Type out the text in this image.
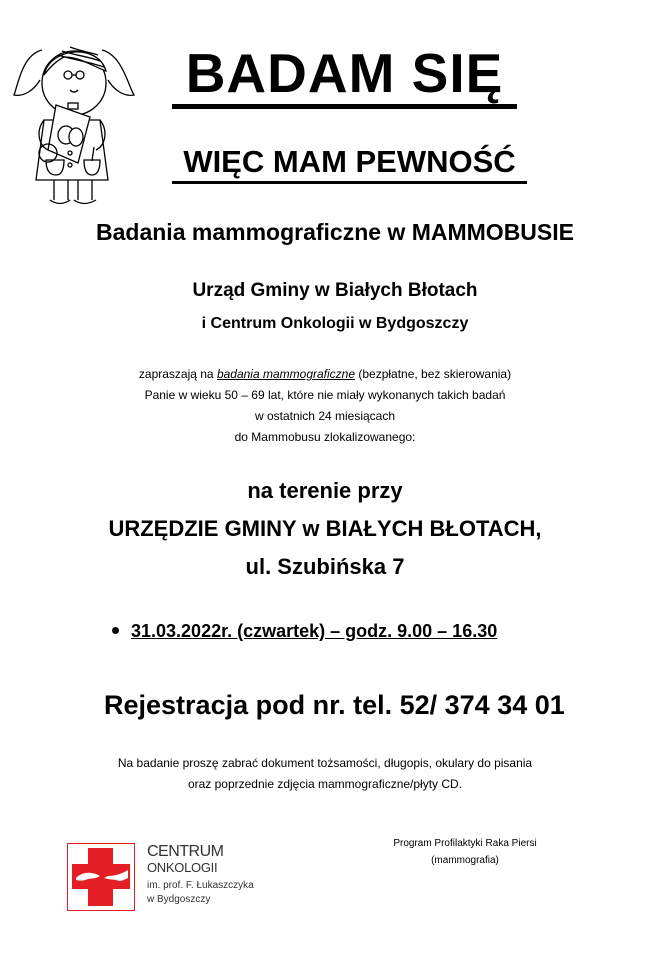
BADAM SIĘ
WIĘC MAM PEWNOŚĆ
Badania mammograficzne w MAMMOBUSIE
Urząd Gminy w Białych Błotach
i Centrum Onkologii w Bydgoszczy
zapraszają na badania mammograficzne (bezpłatne, bez skierowania)
Panie w wieku 50 – 69 lat, które nie miały wykonanych takich badań
w ostatnich 24 miesiącach
do Mammobusu zlokalizowanego:
na terenie przy
URZĘDZIE GMINY w BIAŁYCH BŁOTACH,
ul. Szubińska 7
31.03.2022r. (czwartek) – godz. 9.00 – 16.30
Rejestracja pod nr. tel. 52/ 374 34 01
Na badanie proszę zabrać dokument tożsamości, długopis, okulary do pisania
oraz poprzednie zdjęcia mammograficzne/płyty CD.
CENTRUM
ONKOLOGII
im. prof. F. Łukaszczyka
w Bydgoszczy
Program Profilaktyki Raka Piersi
(mammografia)
